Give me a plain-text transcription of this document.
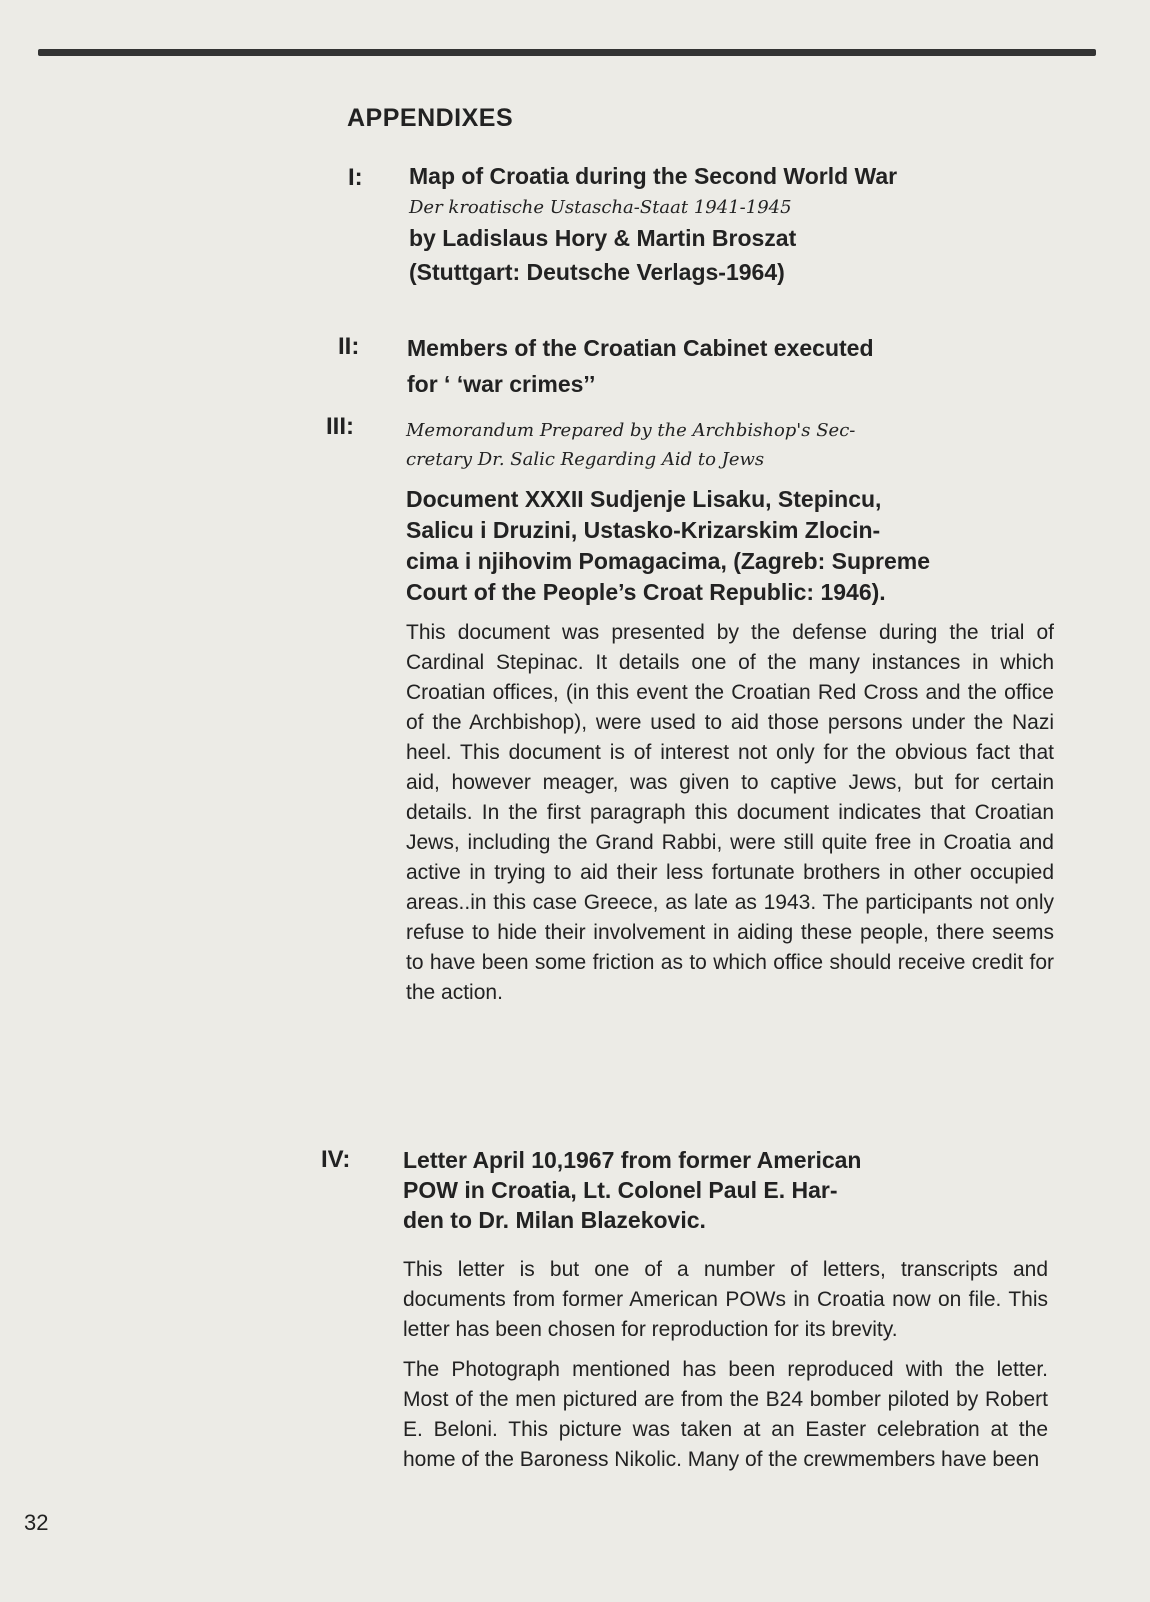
APPENDIXES
I: Map of Croatia during the Second World War
Der kroatische Ustascha-Staat 1941-1945
by Ladislaus Hory & Martin Broszat
(Stuttgart: Deutsche Verlags-1964)
II: Members of the Croatian Cabinet executed
for ‘ ‘war crimes’’
III:	Memorandum Prepared by the Archbishop's Sec-
cretary Dr. Salic Regarding Aid to Jews
Document XXXII Sudjenje Lisaku, Stepincu,
Salicu i Druzini, Ustasko-Krizarskim Zlocin-
cima i njihovim Pomagacima, (Zagreb: Supreme
Court of the People’s Croat Republic: 1946).
This document was presented by the defense during the trial of Cardinal Stepinac. It details one of the many instances in which Croatian offices, (in this event the Croatian Red Cross and the office of the Archbishop), were used to aid those persons under the Nazi heel. This document is of interest not only for the obvious fact that aid, however meager, was given to captive Jews, but for certain details. In the first paragraph this document indicates that Croatian Jews, including the Grand Rabbi, were still quite free in Croatia and active in trying to aid their less fortunate brothers in other occupied areas..in this case Greece, as late as 1943. The participants not only refuse to hide their involvement in aiding these people, there seems to have been some friction as to which office should receive credit for the action.
IV: Letter April 10,1967 from former American
POW in Croatia, Lt. Colonel Paul E. Har-
den to Dr. Milan Blazekovic.
This letter is but one of a number of letters, transcripts and documents from former American POWs in Croatia now on file. This letter has been chosen for reproduction for its brevity.
The Photograph mentioned has been reproduced with the letter. Most of the men pictured are from the B24 bomber piloted by Robert E. Beloni. This picture was taken at an Easter celebration at the home of the Baroness Nikolic. Many of the crewmembers have been
32
